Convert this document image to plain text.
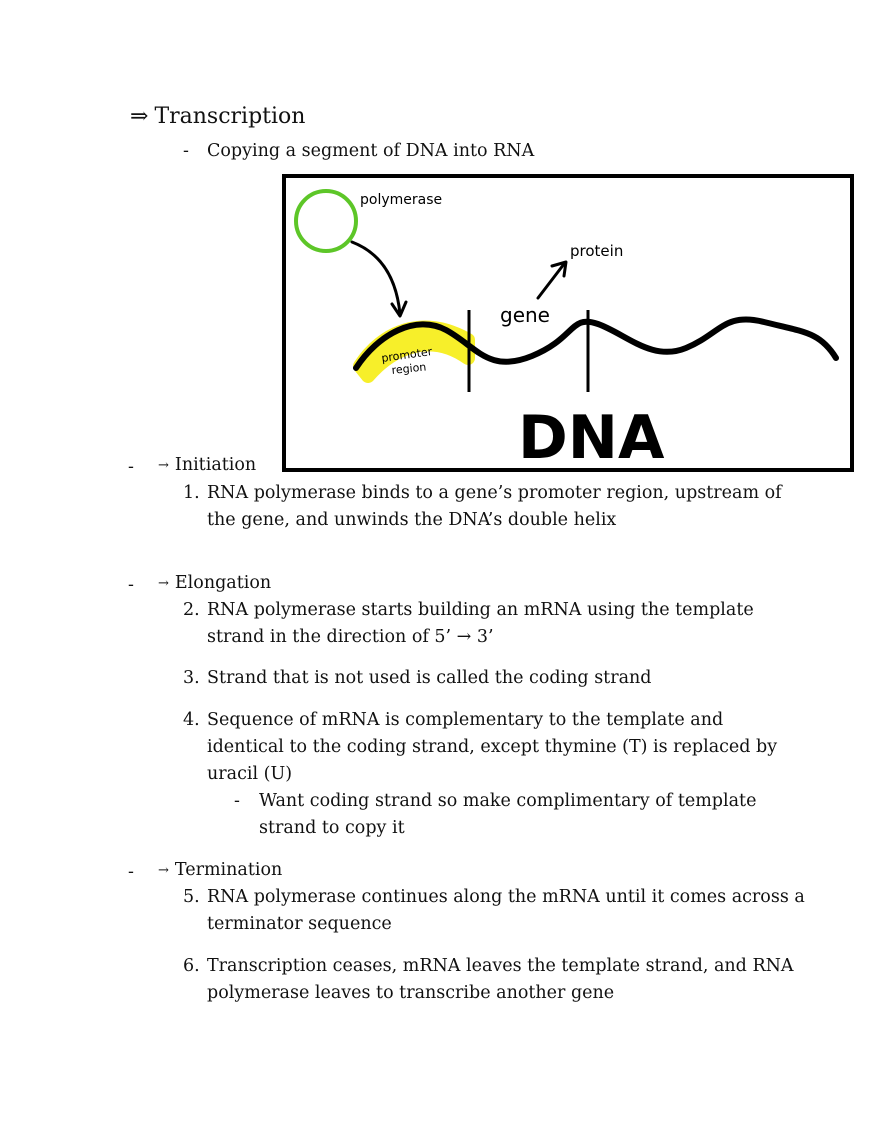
⇒ Transcription
- Copying a segment of DNA into RNA
polymerase
protein
gene
promoter
region
DNA
- → Initiation
1. RNA polymerase binds to a gene’s promoter region, upstream of
the gene, and unwinds the DNA’s double helix
- → Elongation
2. RNA polymerase starts building an mRNA using the template
strand in the direction of 5’ → 3’
3. Strand that is not used is called the coding strand
4. Sequence of mRNA is complementary to the template and
identical to the coding strand, except thymine (T) is replaced by
uracil (U)
- Want coding strand so make complimentary of template
strand to copy it
- → Termination
5. RNA polymerase continues along the mRNA until it comes across a
terminator sequence
6. Transcription ceases, mRNA leaves the template strand, and RNA
polymerase leaves to transcribe another gene
